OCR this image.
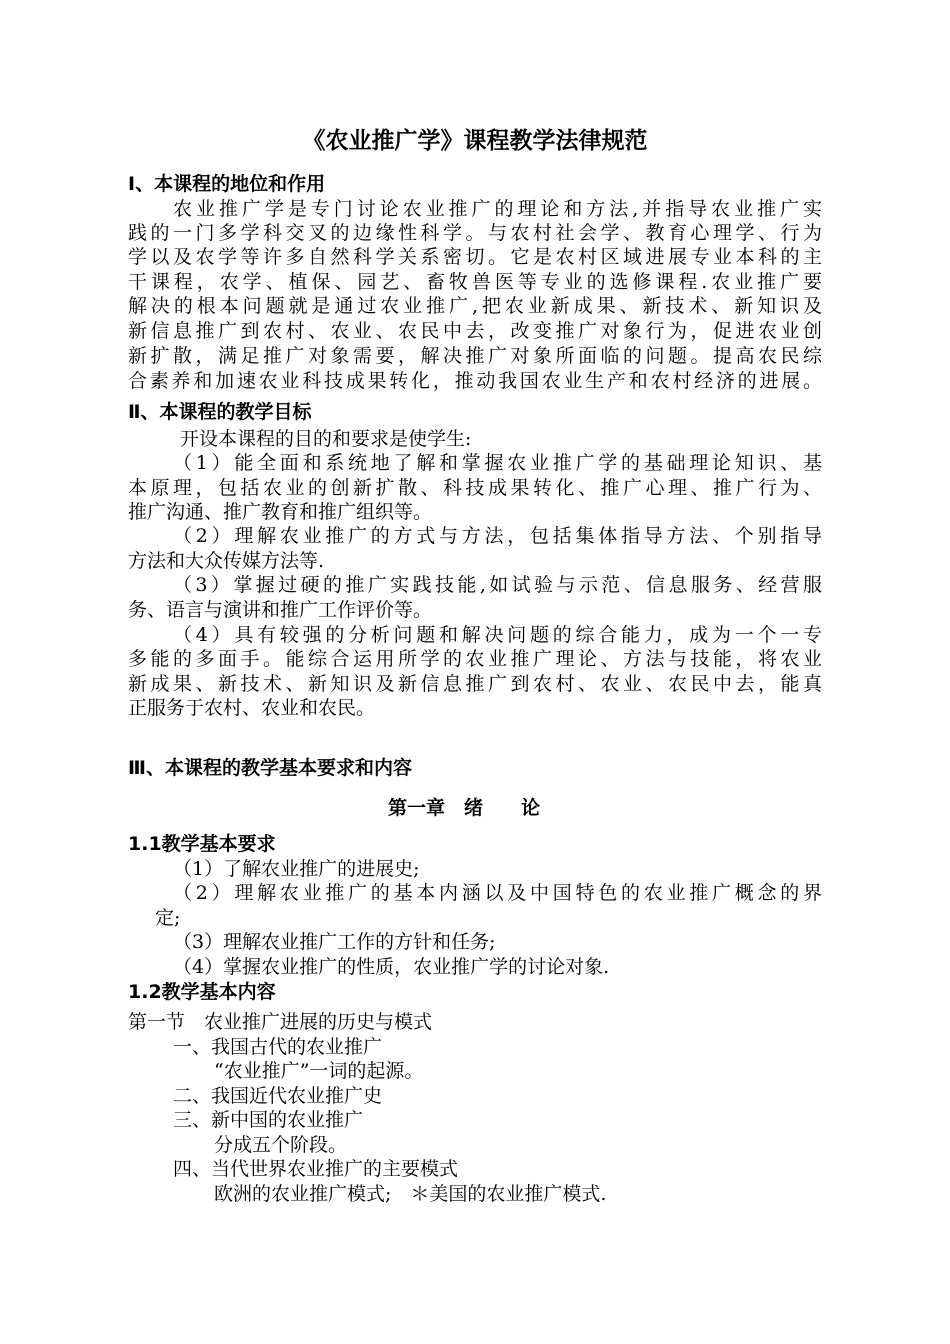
《农业推广学》课程教学法律规范
Ⅰ、本课程的地位和作用
农业推广学是专门讨论农业推广的理论和方法,并指导农业推广实
践的一门多学科交叉的边缘性科学。与农村社会学、教育心理学、行为
学以及农学等许多自然科学关系密切。它是农村区域进展专业本科的主
干课程，农学、植保、园艺、畜牧兽医等专业的选修课程.农业推广要
解决的根本问题就是通过农业推广,把农业新成果、新技术、新知识及
新信息推广到农村、农业、农民中去，改变推广对象行为，促进农业创
新扩散，满足推广对象需要，解决推广对象所面临的问题。提高农民综
合素养和加速农业科技成果转化，推动我国农业生产和农村经济的进展。
Ⅱ、本课程的教学目标
开设本课程的目的和要求是使学生:
（1）能全面和系统地了解和掌握农业推广学的基础理论知识、基
本原理，包括农业的创新扩散、科技成果转化、推广心理、推广行为、
推广沟通、推广教育和推广组织等。
（2）理解农业推广的方式与方法，包括集体指导方法、个别指导
方法和大众传媒方法等.
（3）掌握过硬的推广实践技能,如试验与示范、信息服务、经营服
务、语言与演讲和推广工作评价等。
（4）具有较强的分析问题和解决问题的综合能力，成为一个一专
多能的多面手。能综合运用所学的农业推广理论、方法与技能，将农业
新成果、新技术、新知识及新信息推广到农村、农业、农民中去，能真
正服务于农村、农业和农民。
Ⅲ、本课程的教学基本要求和内容
第一章　绪　　论
1.1教学基本要求
（1）了解农业推广的进展史;
（2）理解农业推广的基本内涵以及中国特色的农业推广概念的界
定;
（3）理解农业推广工作的方针和任务;
（4）掌握农业推广的性质，农业推广学的讨论对象.
1.2教学基本内容
第一节　农业推广进展的历史与模式
一、我国古代的农业推广
“农业推广”一词的起源。
二、我国近代农业推广史
三、新中国的农业推广
分成五个阶段。
四、当代世界农业推广的主要模式
欧洲的农业推广模式;　＊美国的农业推广模式.
